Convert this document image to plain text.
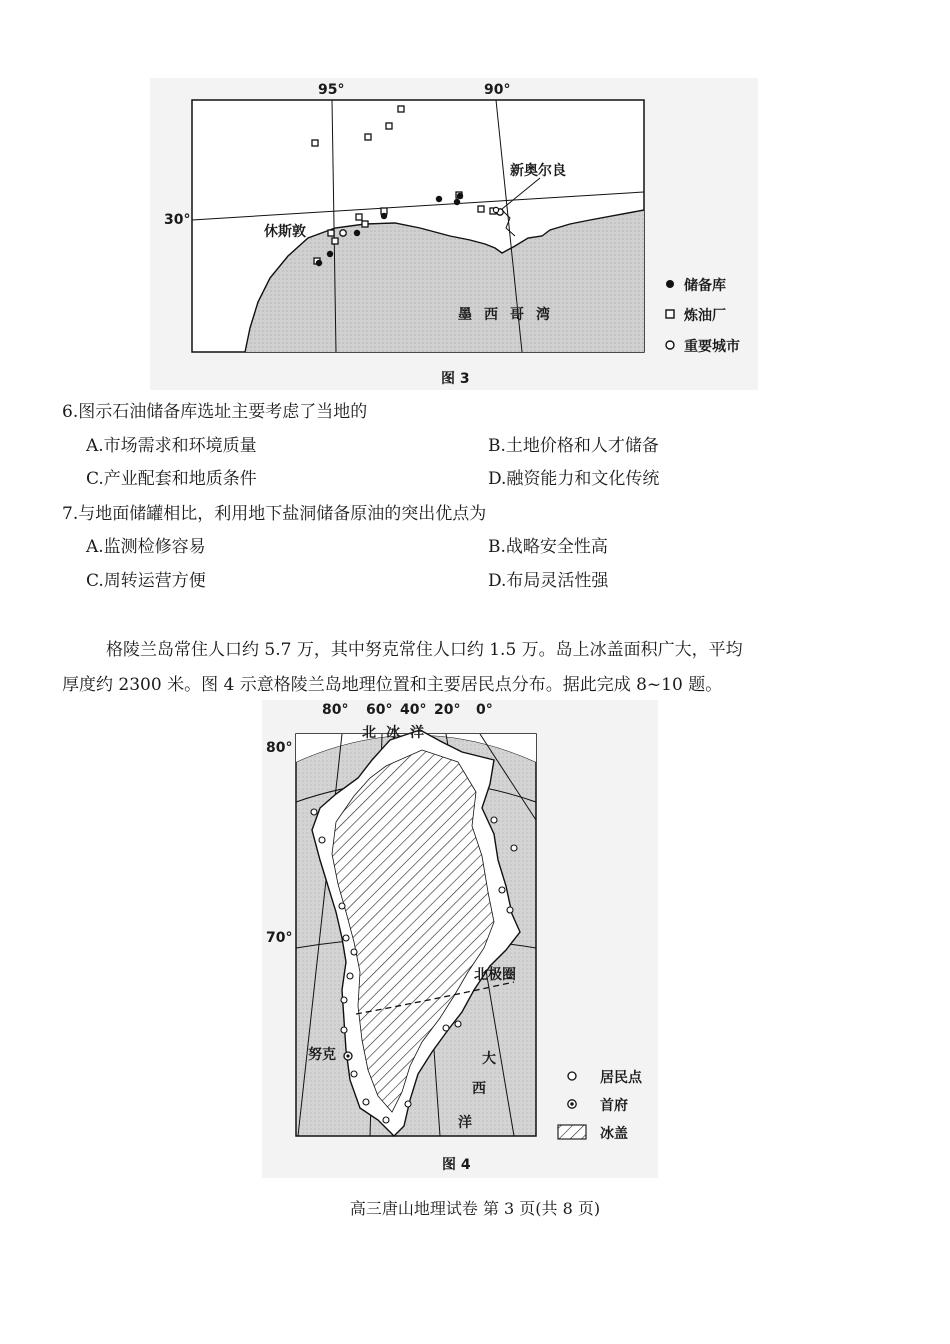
95°	90°
30°
新奥尔良
休斯敦
墨 西 哥 湾
储备库
炼油厂
重要城市
图 3
6.图示石油储备库选址主要考虑了当地的
A.市场需求和环境质量	B.土地价格和人才储备
C.产业配套和地质条件	D.融资能力和文化传统
7.与地面储罐相比，利用地下盐洞储备原油的突出优点为
A.监测检修容易	B.战略安全性高
C.周转运营方便	D.布局灵活性强
格陵兰岛常住人口约 5.7 万，其中努克常住人口约 1.5 万。岛上冰盖面积广大，平均
厚度约 2300 米。图 4 示意格陵兰岛地理位置和主要居民点分布。据此完成 8~10 题。
80° 60° 40° 20° 0°
80°
70°
北冰洋
北极圈
努克	大
西
洋
居民点
首府
冰盖
图 4
高三唐山地理试卷 第 3 页(共 8 页)
